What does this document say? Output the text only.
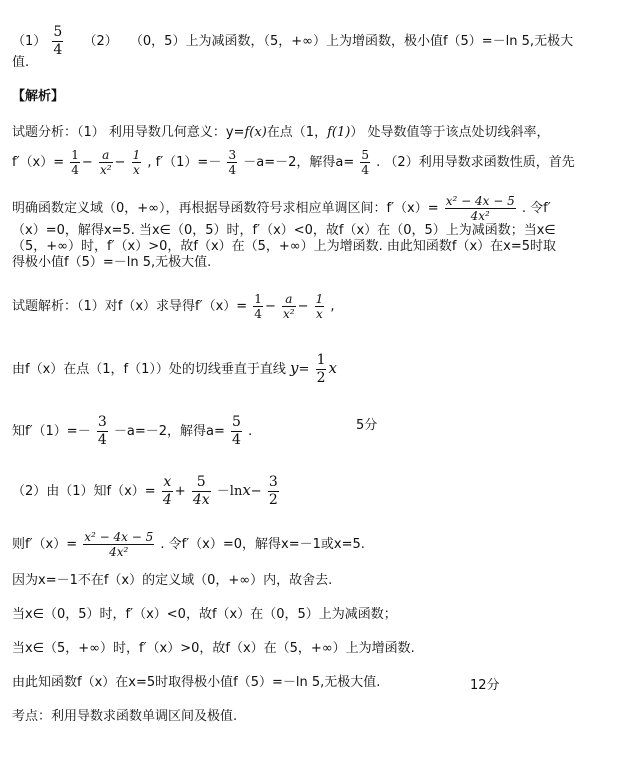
$(1) \frac{5}{4} (2)$ （0，5）上为减函数，（5，+∞）上为增函数，极小值f（5）=－ln 5,无极大
值.
【解析】
试题分析：（1） 利用导数几何意义：y=f(x)在点（1，f(1)） 处导数值等于该点处切线斜率，
$f'(x)= \frac{1}{4} - \frac{a}{\text{x²}} - \frac{1}{x}$ , $f'(1)=- \frac{3}{4} -a=-2$，解得$a= \frac{5}{4}$ . （2）利用导数求函数性质，首先
明确函数定义域（0，+∞），再根据导函数符号求相应单调区间：$f'(x)= \frac{\text{x² − 4x − 5}}{\text{4x²}}$ . 令f′
（x）=0，解得x=5. 当x∈（0，5）时，f′（x）<0，故f（x）在（0，5）上为减函数；当x∈
（5，+∞）时，f′（x）>0，故f（x）在（5，+∞）上为增函数. 由此知函数f（x）在x=5时取
得极小值f（5）=－ln 5,无极大值.
试题解析：（1）对f（x）求导得$f'(x)= \frac{1}{4} - \frac{a}{\text{x²}} - \frac{1}{x}$ ,
由f（x）在点（1，f（1））处的切线垂直于直线 $y= \frac{1}{2}$ x
知$f'(1)=- \frac{3}{4} -a=-2$，解得$a= \frac{5}{4}$ .	5分
（2）由（1）知$f(x)= \frac{x}{4} + \frac{5}{4x} -\ln x- \frac{3}{2}$
则$f'(x)= \frac{\text{x² − 4x − 5}}{\text{4x²}}$ . 令f′（x）=0，解得x=－1或x=5.
因为x=－1不在f（x）的定义域（0，+∞）内，故舍去.
当x∈（0，5）时，f′（x）<0，故f（x）在（0，5）上为减函数；
当x∈（5，+∞）时，f′（x）>0，故f（x）在（5，+∞）上为增函数.
由此知函数f（x）在x=5时取得极小值f（5）=－ln 5,无极大值.	12分
考点：利用导数求函数单调区间及极值.
